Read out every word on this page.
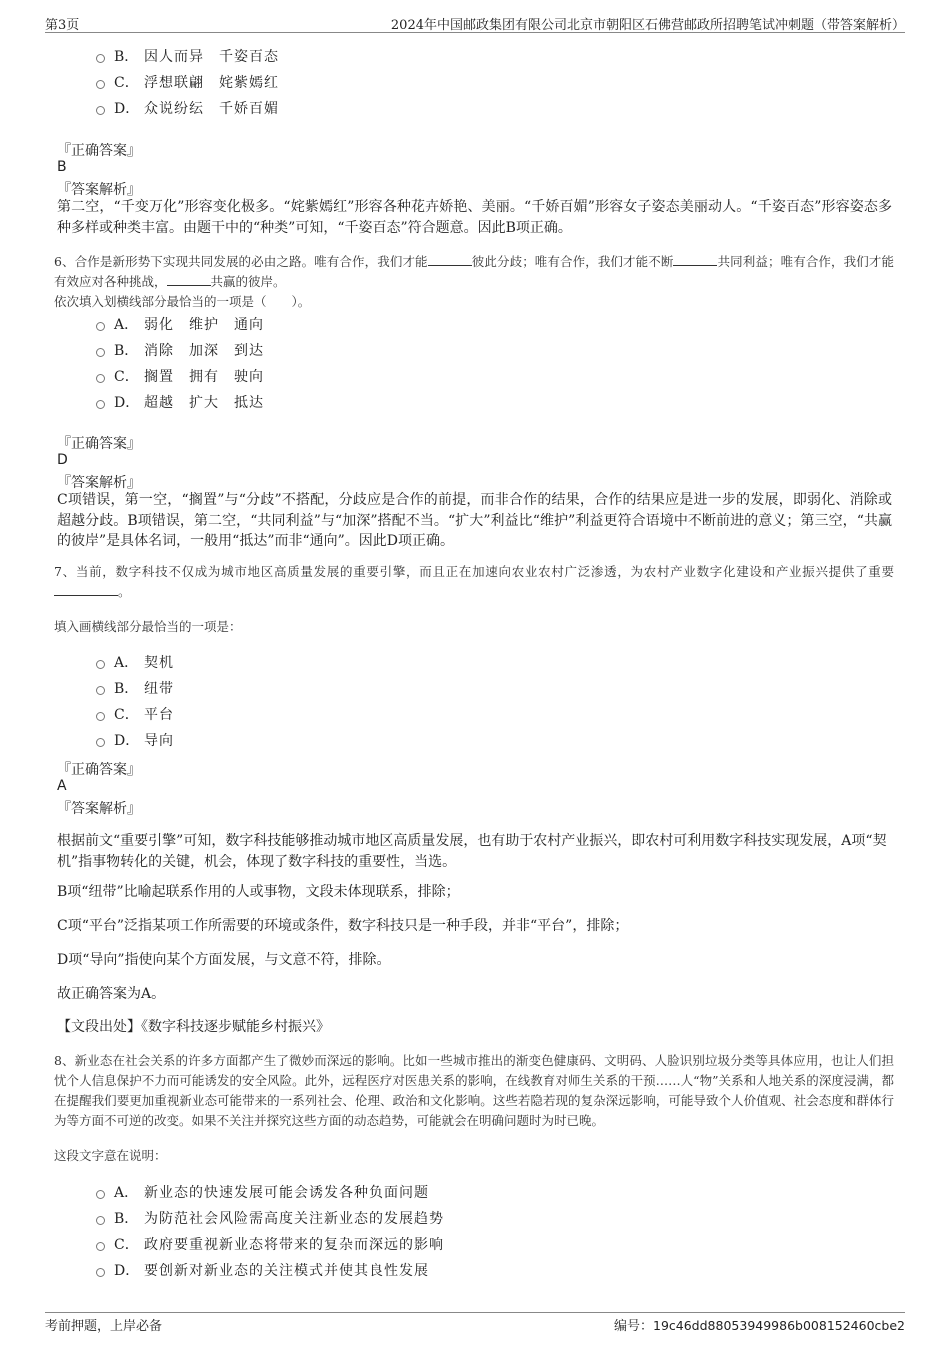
第3页	2024年中国邮政集团有限公司北京市朝阳区石佛营邮政所招聘笔试冲刺题（带答案解析）
B． 因人而异　千姿百态
C． 浮想联翩　姹紫嫣红
D． 众说纷纭　千娇百媚
『正确答案』
B
『答案解析』
第二空，“千变万化”形容变化极多。“姹紫嫣红”形容各种花卉娇艳、美丽。“千娇百媚”形容女子姿态美丽动人。“千姿百态”形容姿态多种多样或种类丰富。由题干中的“种类”可知，“千姿百态”符合题意。因此B项正确。
6、合作是新形势下实现共同发展的必由之路。唯有合作，我们才能	彼此分歧；唯有合作，我们才能不断	共同利益；唯有合作，我们才能有效应对各种挑战，	共赢的彼岸。
依次填入划横线部分最恰当的一项是（　　）。
A． 弱化　维护　通向
B． 消除　加深　到达
C． 搁置　拥有　驶向
D． 超越　扩大　抵达
『正确答案』
D
『答案解析』
C项错误，第一空，“搁置”与“分歧”不搭配，分歧应是合作的前提，而非合作的结果，合作的结果应是进一步的发展，即弱化、消除或超越分歧。B项错误，第二空，“共同利益”与“加深”搭配不当。“扩大”利益比“维护”利益更符合语境中不断前进的意义；第三空，“共赢的彼岸”是具体名词，一般用“抵达”而非“通向”。因此D项正确。
7、当前，数字科技不仅成为城市地区高质量发展的重要引擎，而且正在加速向农业农村广泛渗透，为农村产业数字化建设和产业振兴提供了重要。
填入画横线部分最恰当的一项是：
A． 契机
B． 纽带
C． 平台
D． 导向
『正确答案』
A
『答案解析』
根据前文“重要引擎”可知，数字科技能够推动城市地区高质量发展，也有助于农村产业振兴，即农村可利用数字科技实现发展，A项“契机”指事物转化的关键，机会，体现了数字科技的重要性，当选。
B项“纽带”比喻起联系作用的人或事物，文段未体现联系，排除；
C项“平台”泛指某项工作所需要的环境或条件，数字科技只是一种手段，并非“平台”，排除；
D项“导向”指使向某个方面发展，与文意不符，排除。
故正确答案为A。
【文段出处】《数字科技逐步赋能乡村振兴》
8、新业态在社会关系的许多方面都产生了微妙而深远的影响。比如一些城市推出的渐变色健康码、文明码、人脸识别垃圾分类等具体应用，也让人们担忧个人信息保护不力而可能诱发的安全风险。此外，远程医疗对医患关系的影响，在线教育对师生关系的干预……人“物”关系和人地关系的深度浸满，都在提醒我们要更加重视新业态可能带来的一系列社会、伦理、政治和文化影响。这些若隐若现的复杂深远影响，可能导致个人价值观、社会态度和群体行为等方面不可逆的改变。如果不关注并探究这些方面的动态趋势，可能就会在明确问题时为时已晚。
这段文字意在说明：
A． 新业态的快速发展可能会诱发各种负面问题
B． 为防范社会风险需高度关注新业态的发展趋势
C． 政府要重视新业态将带来的复杂而深远的影响
D． 要创新对新业态的关注模式并使其良性发展
考前押题，上岸必备	编号：19c46dd88053949986b008152460cbe2
